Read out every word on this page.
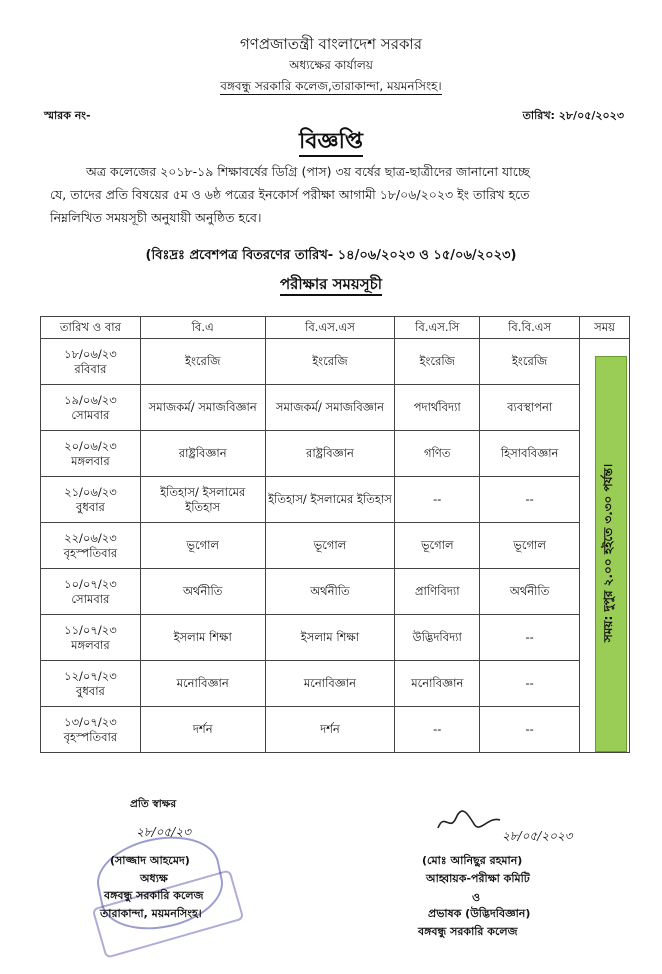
গণপ্রজাতন্ত্রী বাংলাদেশ সরকার
অধ্যক্ষের কার্যালয়
বঙ্গবন্ধু সরকারি কলেজ,তারাকান্দা, ময়মনসিংহ।
স্মারক নং-	তারিখ: ২৮/০৫/২০২৩
বিজ্ঞপ্তি
অত্র কলেজের ২০১৮-১৯ শিক্ষাবর্ষের ডিগ্রি (পাস) ৩য় বর্ষের ছাত্র-ছাত্রীদের জানানো যাচ্ছে
যে, তাদের প্রতি বিষয়ের ৫ম ও ৬ষ্ঠ পত্রের ইনকোর্স পরীক্ষা আগামী ১৮/০৬/২০২৩ ইং তারিখ হতে
নিম্নলিখিত সময়সূচী অনুযায়ী অনুষ্ঠিত হবে।
(বিঃদ্রঃ প্রবেশপত্র বিতরণের তারিখ- ১৪/০৬/২০২৩ ও ১৫/০৬/২০২৩)
পরীক্ষার সময়সূচী
তারিখ ও বার	বি.এ	বি.এস.এস	বি.এস.সি	বি.বি.এস	সময়

১৮/০৬/২৩
রবিবার	ইংরেজি	ইংরেজি	ইংরেজি	ইংরেজি	

১৯/০৬/২৩
সোমবার	সমাজকর্ম/ সমাজবিজ্ঞান	সমাজকর্ম/ সমাজবিজ্ঞান	পদার্থবিদ্যা	ব্যবস্থাপনা	

২০/০৬/২৩
মঙ্গলবার	রাষ্ট্রবিজ্ঞান	রাষ্ট্রবিজ্ঞান	গণিত	হিসাববিজ্ঞান	

২১/০৬/২৩
বুধবার	ইতিহাস/ ইসলামের ইতিহাস	ইতিহাস/ ইসলামের ইতিহাস	--	--	

২২/০৬/২৩
বৃহস্পতিবার	ভূগোল	ভূগোল	ভূগোল	ভূগোল	

১০/০৭/২৩
সোমবার	অর্থনীতি	অর্থনীতি	প্রাণিবিদ্যা	অর্থনীতি	

১১/০৭/২৩
মঙ্গলবার	ইসলাম শিক্ষা	ইসলাম শিক্ষা	উদ্ভিদবিদ্যা	--	

১২/০৭/২৩
বুধবার	মনোবিজ্ঞান	মনোবিজ্ঞান	মনোবিজ্ঞান	--	

১৩/০৭/২৩
বৃহস্পতিবার	দর্শন	দর্শন	--	--	
সময়: দুপুর ২.০০ হইতে ৩.৩০ পর্যন্ত।
প্রতি স্বাক্ষর
২৮/০৫/২৩
(সাজ্জাদ আহমেদ)
অধ্যক্ষ
বঙ্গবন্ধু সরকারি কলেজ
তারাকান্দা, ময়মনসিংহ।
২৮/০৫/২০২৩
(মোঃ আনিছুর রহমান)
আহ্বায়ক-পরীক্ষা কমিটি
ও
প্রভাষক (উদ্ভিদবিজ্ঞান)
বঙ্গবন্ধু সরকারি কলেজ
